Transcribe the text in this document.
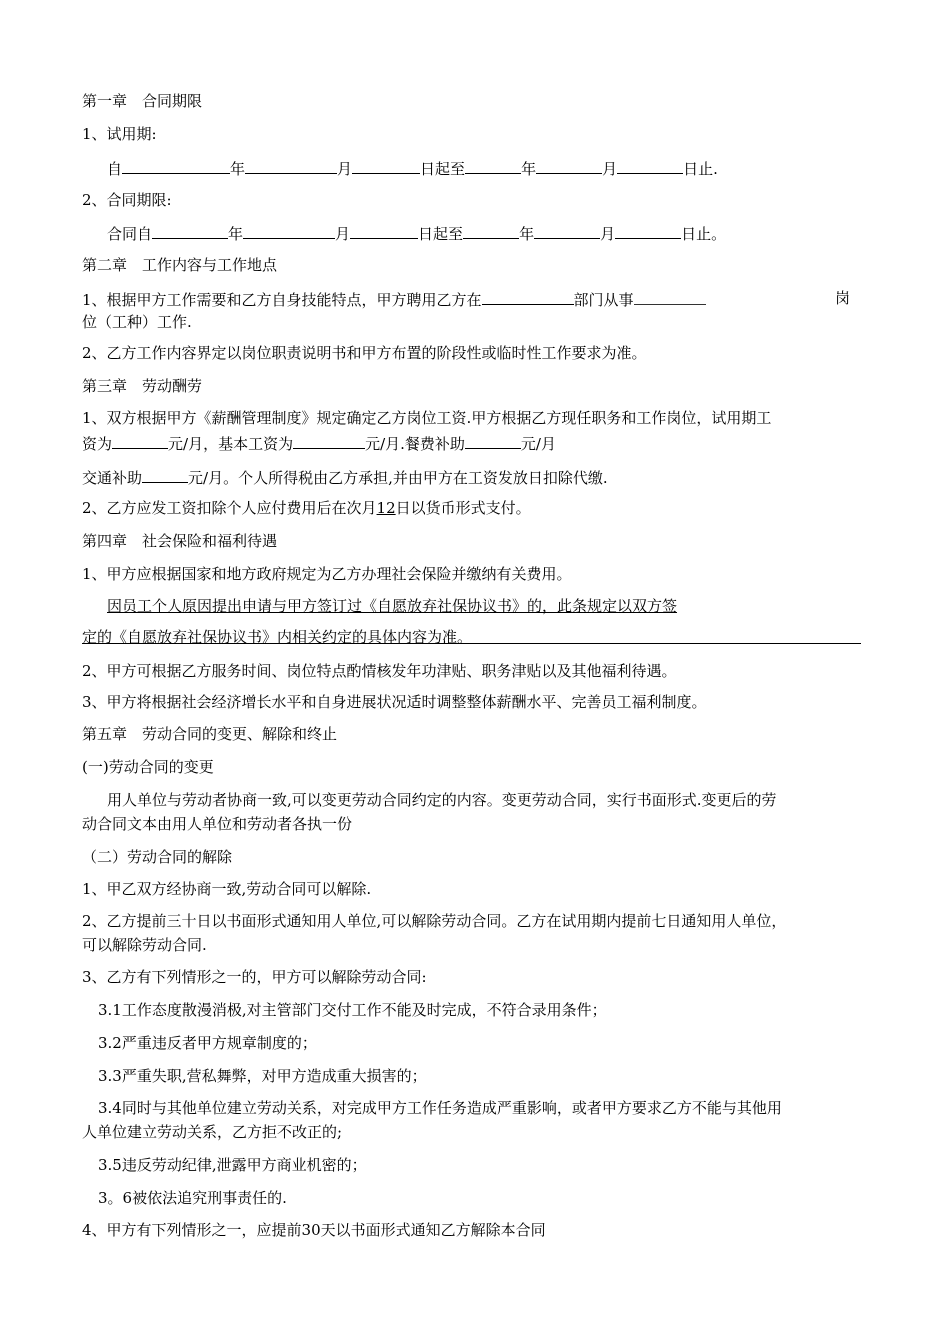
第一章　合同期限
1、试用期:
自	年	月	日起至	年	月	日止.
2、合同期限:
合同自	年	月	日起至	年	月	日止。
第二章　工作内容与工作地点
1、根据甲方工作需要和乙方自身技能特点，甲方聘用乙方在	部门从事	岗
位（工种）工作.
2、乙方工作内容界定以岗位职责说明书和甲方布置的阶段性或临时性工作要求为准。
第三章　劳动酬劳
1、双方根据甲方《薪酬管理制度》规定确定乙方岗位工资.甲方根据乙方现任职务和工作岗位，试用期工
资为	元/月，基本工资为	元/月.餐费补助	元/月
交通补助	元/月。个人所得税由乙方承担,并由甲方在工资发放日扣除代缴.
2、乙方应发工资扣除个人应付费用后在次月12日以货币形式支付。
第四章　社会保险和福利待遇
1、甲方应根据国家和地方政府规定为乙方办理社会保险并缴纳有关费用。
因员工个人原因提出申请与甲方签订过《自愿放弃社保协议书》的，此条规定以双方签
定的《自愿放弃社保协议书》内相关约定的具体内容为准。
2、甲方可根据乙方服务时间、岗位特点酌情核发年功津贴、职务津贴以及其他福利待遇。
3、甲方将根据社会经济增长水平和自身进展状况适时调整整体薪酬水平、完善员工福利制度。
第五章　劳动合同的变更、解除和终止
(一)劳动合同的变更
用人单位与劳动者协商一致,可以变更劳动合同约定的内容。变更劳动合同，实行书面形式.变更后的劳
动合同文本由用人单位和劳动者各执一份
（二）劳动合同的解除
1、甲乙双方经协商一致,劳动合同可以解除.
2、乙方提前三十日以书面形式通知用人单位,可以解除劳动合同。乙方在试用期内提前七日通知用人单位，
可以解除劳动合同.
3、乙方有下列情形之一的，甲方可以解除劳动合同:
3.1工作态度散漫消极,对主管部门交付工作不能及时完成，不符合录用条件；
3.2严重违反者甲方规章制度的；
3.3严重失职,营私舞弊，对甲方造成重大损害的；
3.4同时与其他单位建立劳动关系，对完成甲方工作任务造成严重影响，或者甲方要求乙方不能与其他用
人单位建立劳动关系，乙方拒不改正的;
3.5违反劳动纪律,泄露甲方商业机密的；
3。6被依法追究刑事责任的.
4、甲方有下列情形之一，应提前30天以书面形式通知乙方解除本合同
